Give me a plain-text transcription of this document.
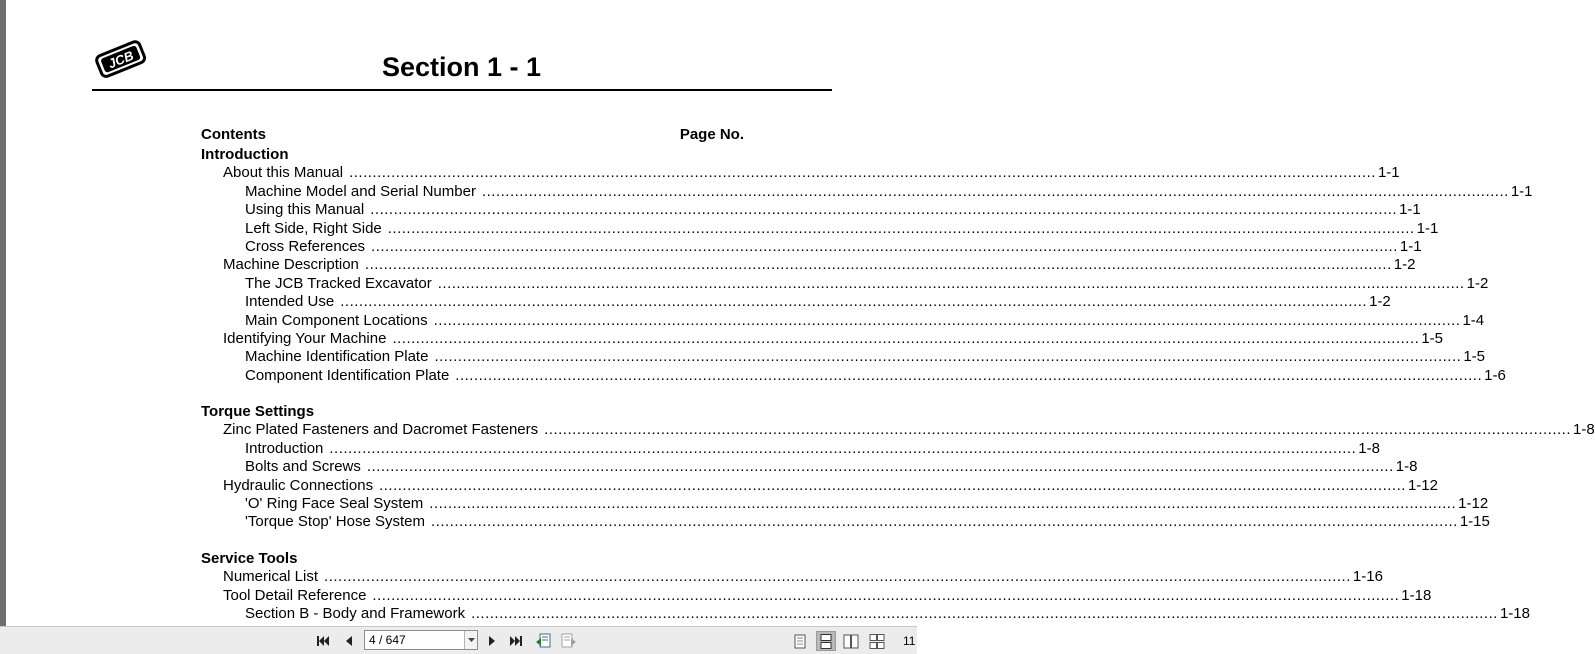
JCB	Section 1 - 1
Contents	Page No.
Introduction
About this Manual ............................................................................................................................................................................................................................ 1-1
Machine Model and Serial Number ............................................................................................................................................................................................................................ 1-1
Using this Manual ............................................................................................................................................................................................................................ 1-1
Left Side, Right Side ............................................................................................................................................................................................................................ 1-1
Cross References ............................................................................................................................................................................................................................ 1-1
Machine Description ............................................................................................................................................................................................................................ 1-2
The JCB Tracked Excavator ............................................................................................................................................................................................................................ 1-2
Intended Use ............................................................................................................................................................................................................................ 1-2
Main Component Locations ............................................................................................................................................................................................................................ 1-4
Identifying Your Machine ............................................................................................................................................................................................................................ 1-5
Machine Identification Plate ............................................................................................................................................................................................................................ 1-5
Component Identification Plate ............................................................................................................................................................................................................................ 1-6
Torque Settings
Zinc Plated Fasteners and Dacromet Fasteners ............................................................................................................................................................................................................................ 1-8
Introduction ............................................................................................................................................................................................................................ 1-8
Bolts and Screws ............................................................................................................................................................................................................................ 1-8
Hydraulic Connections ............................................................................................................................................................................................................................ 1-12
'O' Ring Face Seal System ............................................................................................................................................................................................................................ 1-12
'Torque Stop' Hose System ............................................................................................................................................................................................................................ 1-15
Service Tools
Numerical List ............................................................................................................................................................................................................................ 1-16
Tool Detail Reference ............................................................................................................................................................................................................................ 1-18
Section B - Body and Framework ............................................................................................................................................................................................................................ 1-18
4 / 647	11
